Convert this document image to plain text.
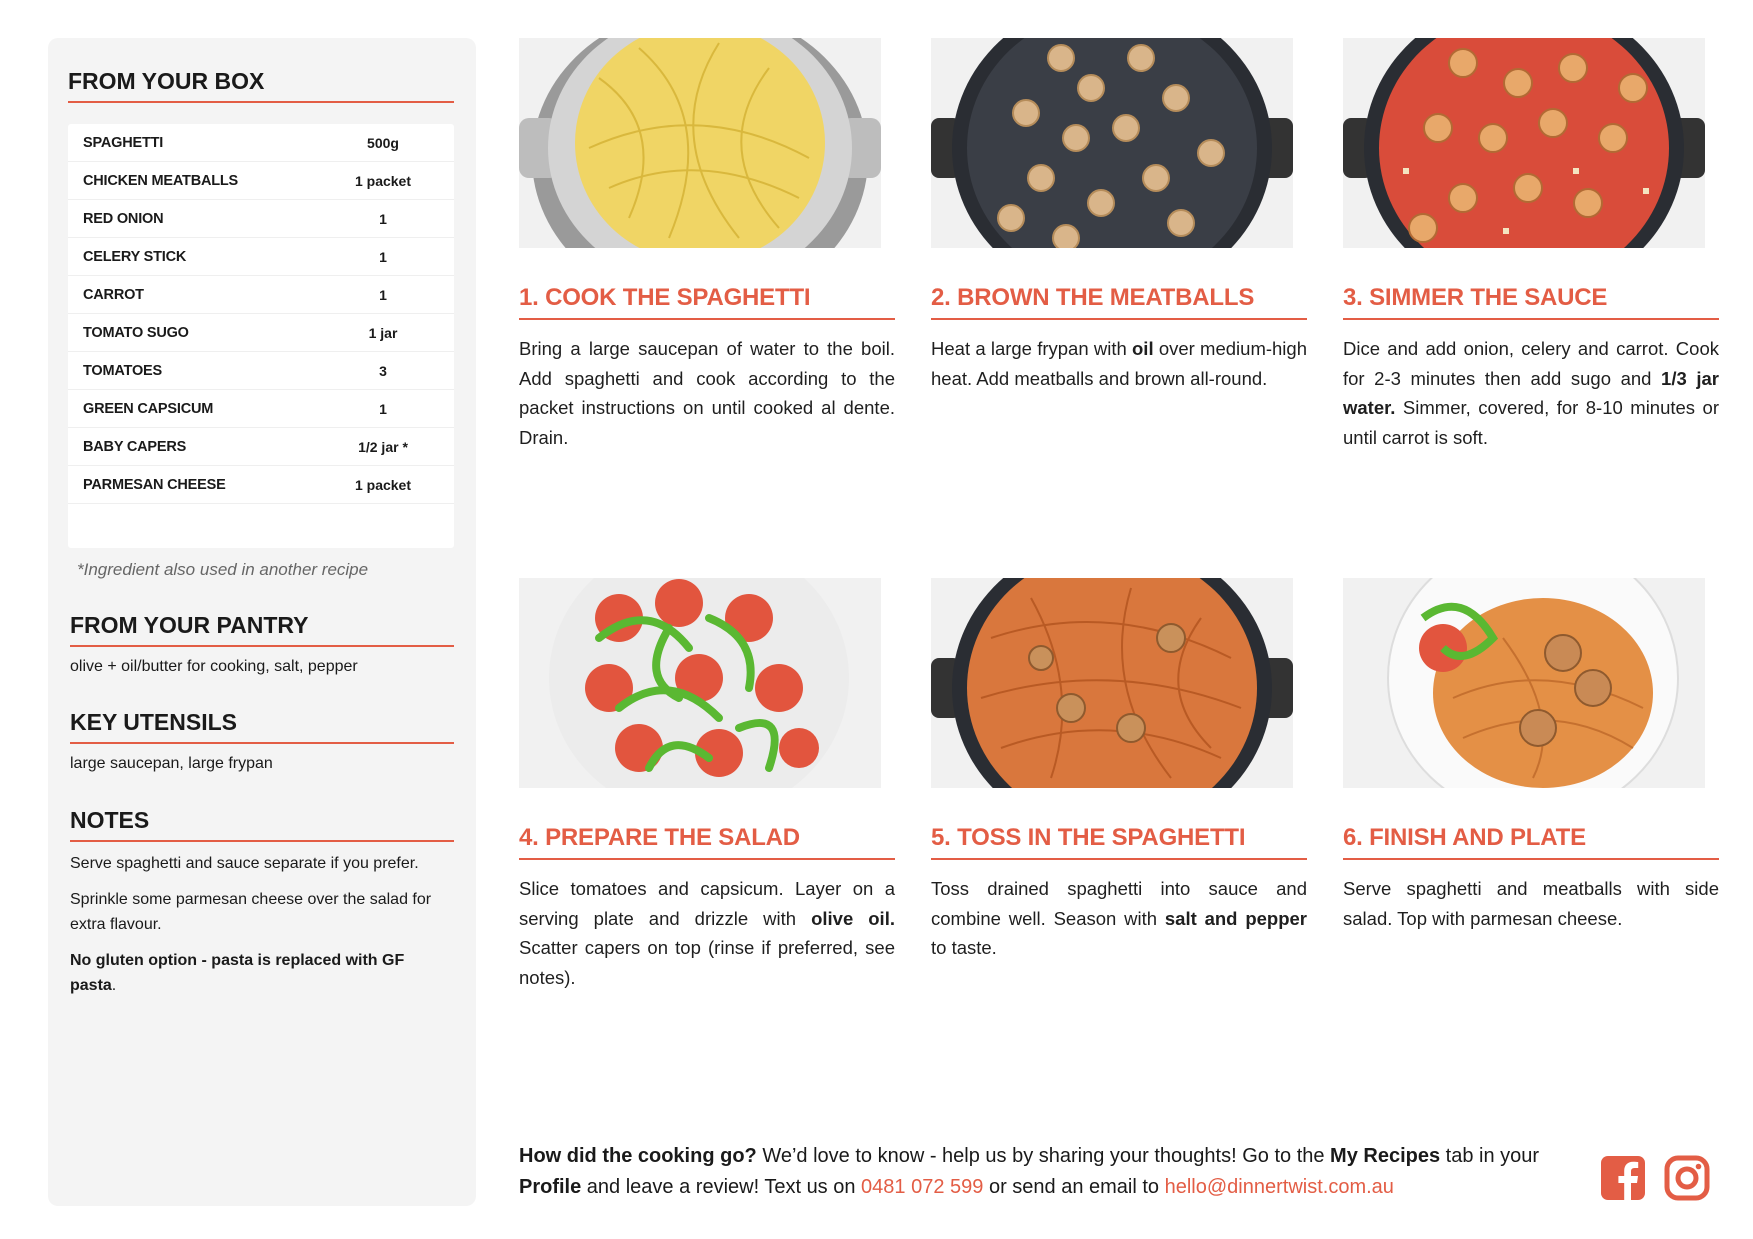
FROM YOUR BOX
SPAGHETTI	500g
CHICKEN MEATBALLS	1 packet
RED ONION	1
CELERY STICK	1
CARROT	1
TOMATO SUGO	1 jar
TOMATOES	3
GREEN CAPSICUM	1
BABY CAPERS	1/2 jar *
PARMESAN CHEESE	1 packet
*Ingredient also used in another recipe
FROM YOUR PANTRY
olive + oil/butter for cooking, salt, pepper
KEY UTENSILS
large saucepan, large frypan
NOTES

Serve spaghetti and sauce separate if you prefer.

Sprinkle some parmesan cheese over the salad for extra flavour.

No gluten option - pasta is replaced with GF pasta.

1. COOK THE SPAGHETTI
Bring a large saucepan of water to the boil. Add spaghetti and cook according to the packet instructions on until cooked al dente. Drain.
2. BROWN THE MEATBALLS
Heat a large frypan with oil over medium-high heat. Add meatballs and brown all-round.
3. SIMMER THE SAUCE
Dice and add onion, celery and carrot. Cook for 2-3 minutes then add sugo and 1/3 jar water. Simmer, covered, for 8-10 minutes or until carrot is soft.
4. PREPARE THE SALAD
Slice tomatoes and capsicum. Layer on a serving plate and drizzle with olive oil. Scatter capers on top (rinse if preferred, see notes).
5. TOSS IN THE SPAGHETTI
Toss drained spaghetti into sauce and combine well. Season with salt and pepper to taste.
6. FINISH AND PLATE
Serve spaghetti and meatballs with side salad. Top with parmesan cheese.
How did the cooking go? We’d love to know - help us by sharing your thoughts! Go to the My Recipes tab in your Profile and leave a review! Text us on 0481 072 599 or send an email to hello@dinnertwist.com.au
